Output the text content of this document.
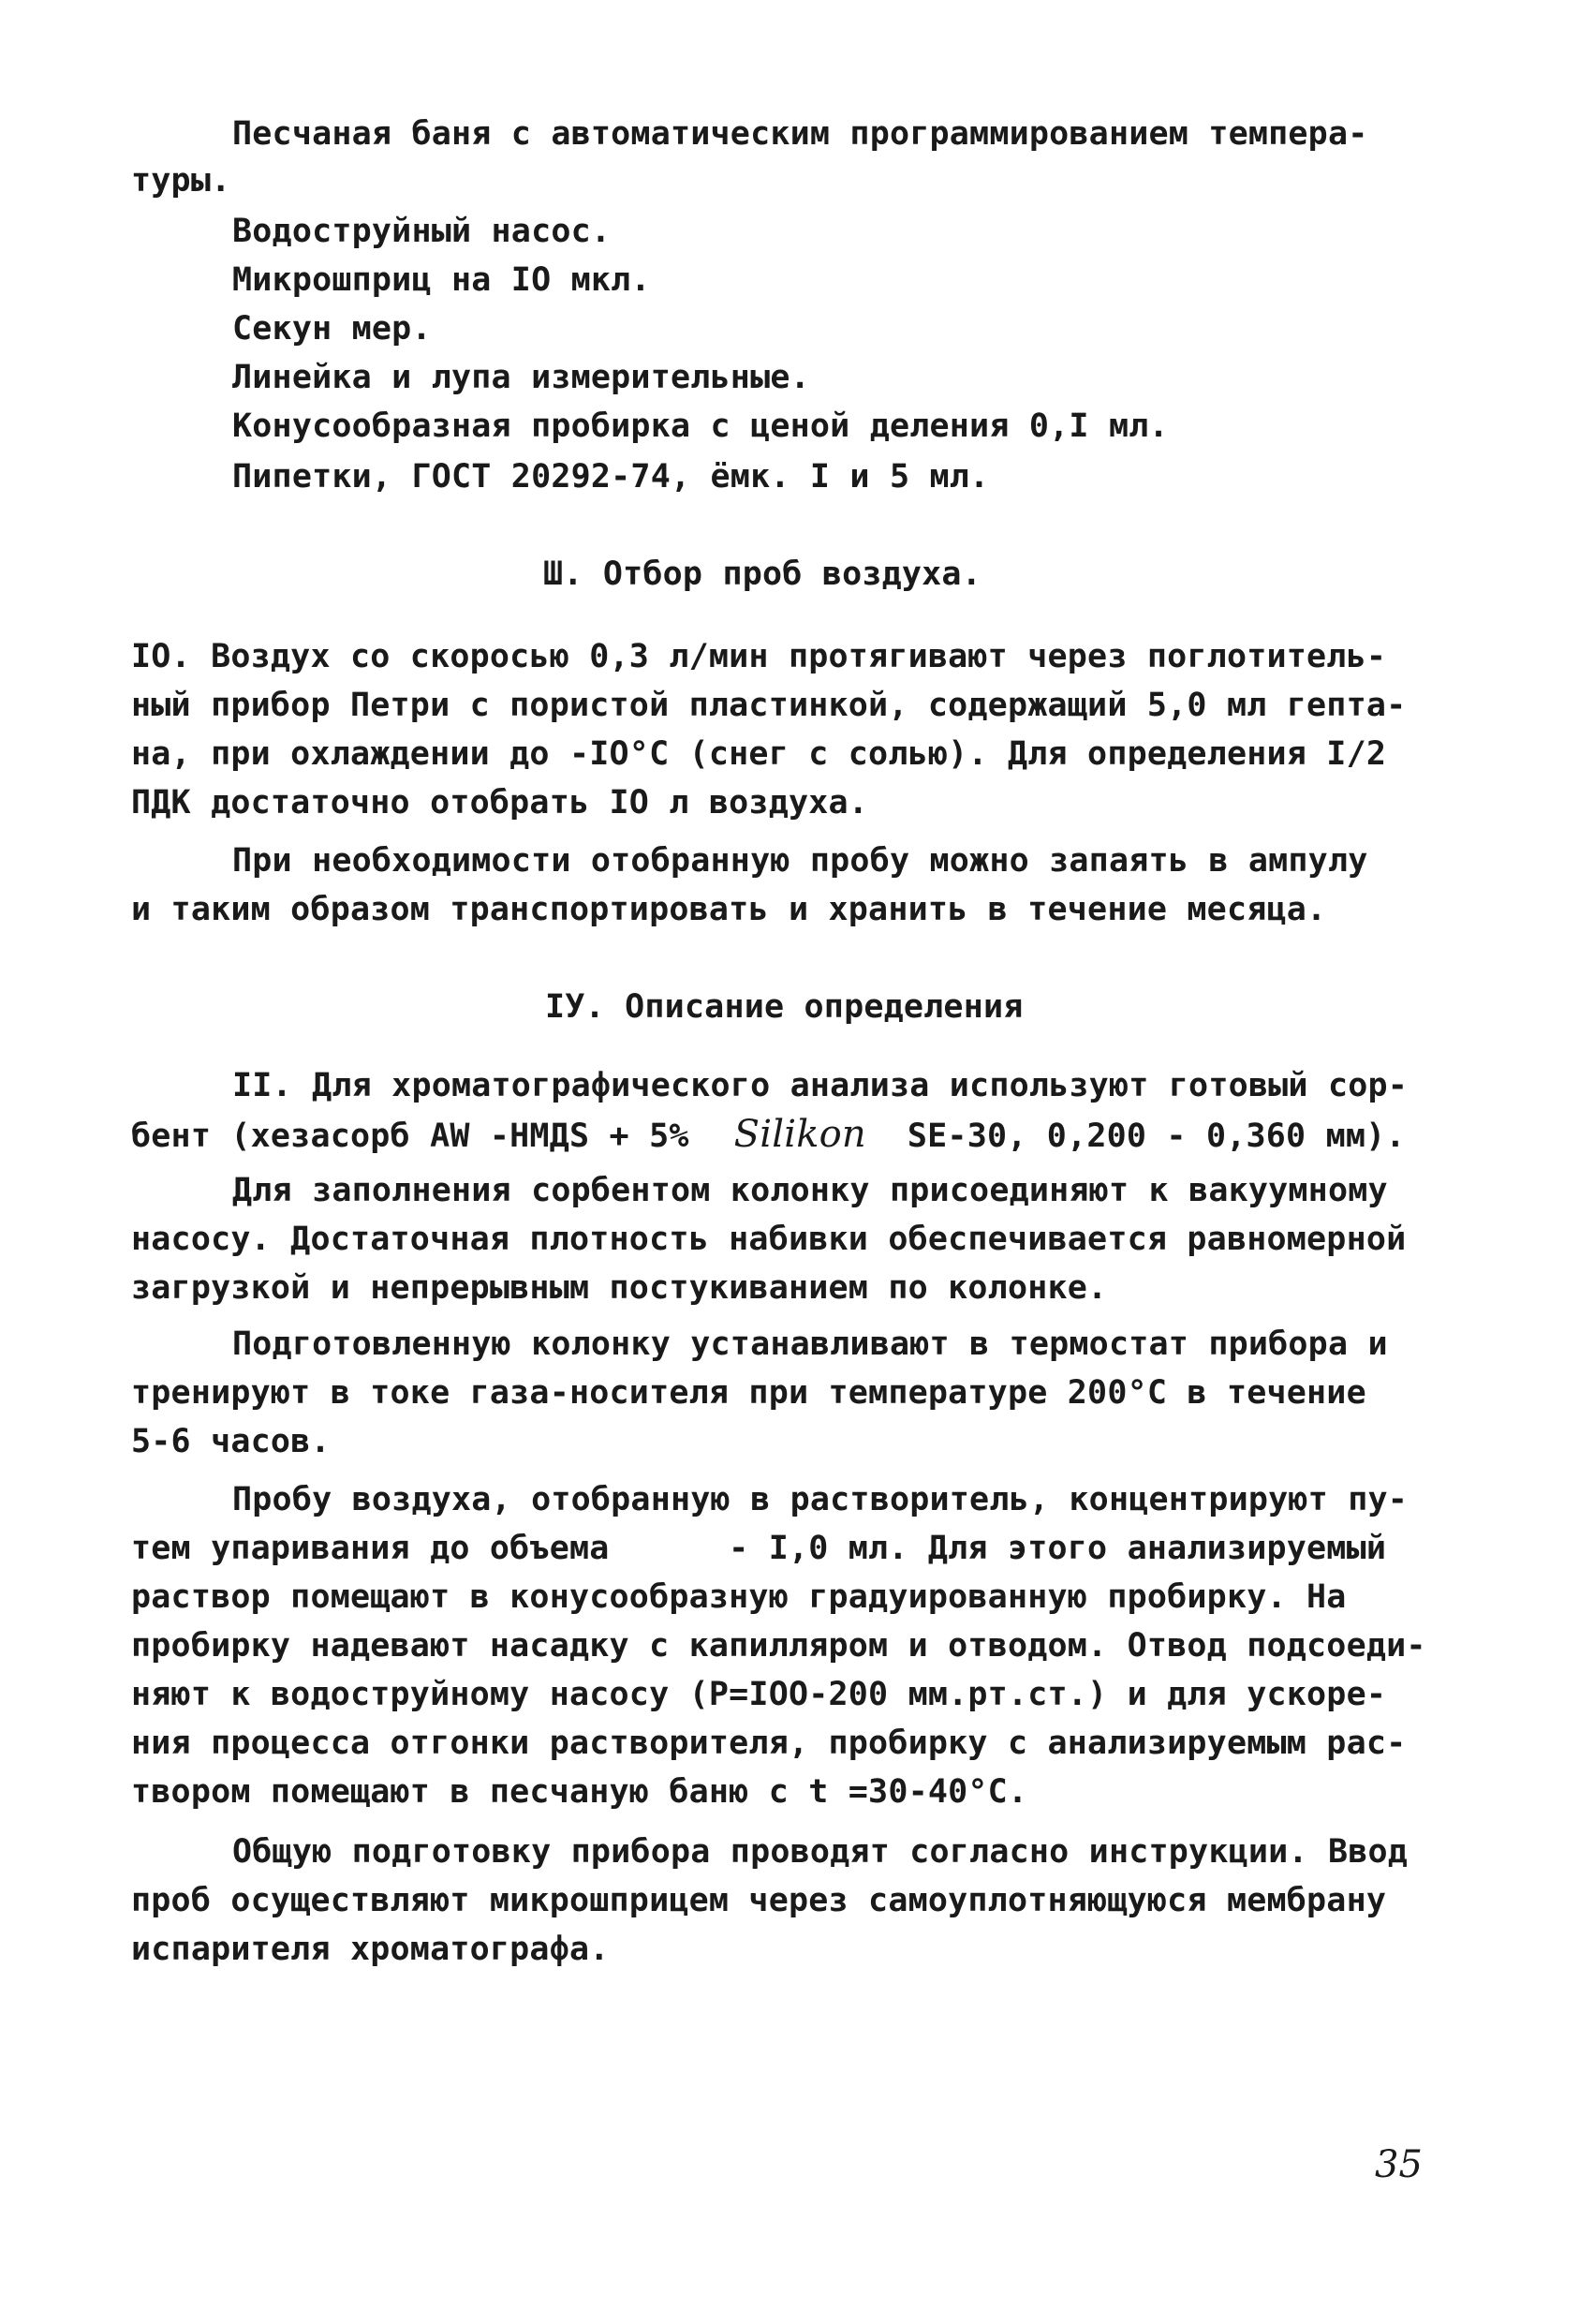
Песчаная баня с автоматическим программированием темпера-
туры.
Водоструйный насос.
Микрошприц на IO мкл.
Секун мер.
Линейка и лупа измерительные.
Конусообразная пробирка с ценой деления 0,I мл.
Пипетки, ГОСТ 20292-74, ёмк. I и 5 мл.
Ш. Отбор проб воздуха.
IO. Воздух со скоросью 0,3 л/мин протягивают через поглотитель-
ный прибор Петри с пористой пластинкой, содержащий 5,0 мл гепта-
на, при охлаждении до -IO°С (снег с солью). Для определения I/2
ПДК достаточно отобрать IO л воздуха.
При необходимости отобранную пробу можно запаять в ампулу
и таким образом транспортировать и хранить в течение месяца.
IУ. Описание определения
II. Для хроматографического анализа используют готовый сор-
бент (хезасорб AW -НМДS + 5% Silikon SE-30, 0,200 - 0,360 мм).
Для заполнения сорбентом колонку присоединяют к вакуумному
насосу. Достаточная плотность набивки обеспечивается равномерной
загрузкой и непрерывным постукиванием по колонке.
Подготовленную колонку устанавливают в термостат прибора и
тренируют в токе газа-носителя при температуре 200°С в течение
5-6 часов.
Пробу воздуха, отобранную в растворитель, концентрируют пу-
тем упаривания до объема      - I,0 мл. Для этого анализируемый
раствор помещают в конусообразную градуированную пробирку. На
пробирку надевают насадку с капилляром и отводом. Отвод подсоеди-
няют к водоструйному насосу (Р=IOO-200 мм.рт.ст.) и для ускоре-
ния процесса отгонки растворителя, пробирку с анализируемым рас-
твором помещают в песчаную баню с t =30-40°С.
Общую подготовку прибора проводят согласно инструкции. Ввод
проб осуществляют микрошприцем через самоуплотняющуюся мембрану
испарителя хроматографа.
35
